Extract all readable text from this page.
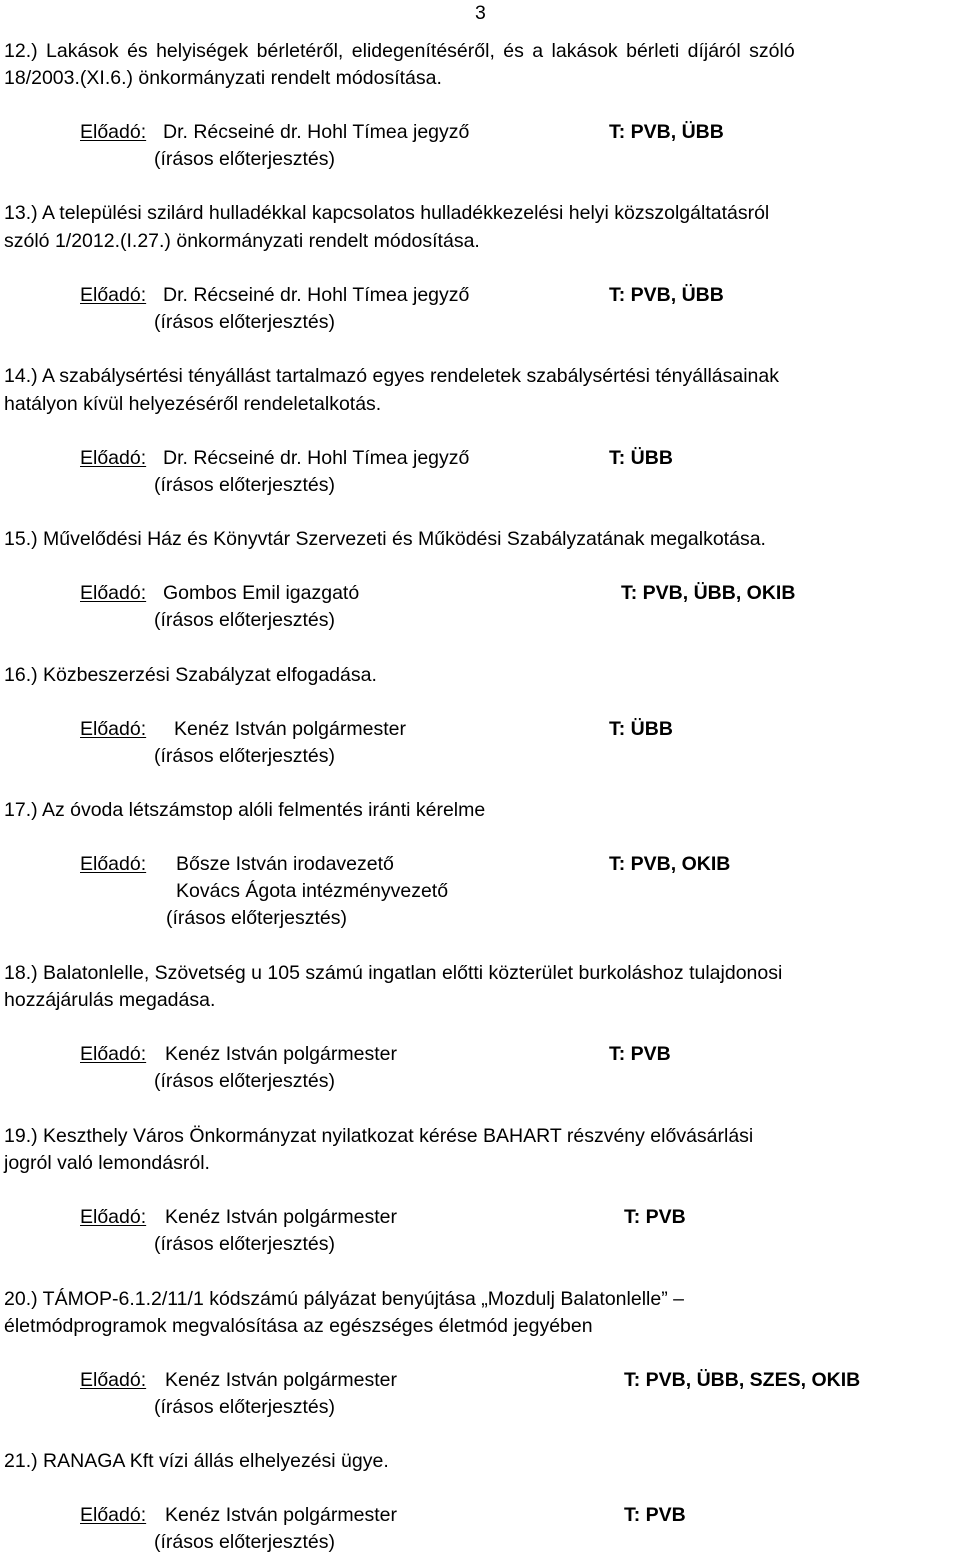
3
12.) Lakások és helyiségek bérletéről, elidegenítéséről, és a lakások bérleti díjáról szóló
18/2003.(XI.6.) önkormányzati rendelt módosítása.
Előadó: Dr. Récseiné dr. Hohl Tímea jegyző
(írásos előterjesztés)
T: PVB, ÜBB
13.) A települési szilárd hulladékkal kapcsolatos hulladékkezelési helyi közszolgáltatásról
szóló 1/2012.(I.27.) önkormányzati rendelt módosítása.
Előadó: Dr. Récseiné dr. Hohl Tímea jegyző
(írásos előterjesztés)
T: PVB, ÜBB
14.) A szabálysértési tényállást tartalmazó egyes rendeletek szabálysértési tényállásainak
hatályon kívül helyezéséről rendeletalkotás.
Előadó: Dr. Récseiné dr. Hohl Tímea jegyző
(írásos előterjesztés)
T: ÜBB
15.) Művelődési Ház és Könyvtár Szervezeti és Működési Szabályzatának megalkotása.
Előadó: Gombos Emil igazgató
(írásos előterjesztés)
T: PVB, ÜBB, OKIB
16.) Közbeszerzési Szabályzat elfogadása.
Előadó: Kenéz István polgármester
(írásos előterjesztés)
T: ÜBB
17.) Az óvoda létszámstop alóli felmentés iránti kérelme
Előadó: Bősze István irodavezető
Kovács Ágota intézményvezető
(írásos előterjesztés)
T: PVB, OKIB
18.) Balatonlelle, Szövetség u 105 számú ingatlan előtti közterület burkoláshoz tulajdonosi
hozzájárulás megadása.
Előadó: Kenéz István polgármester
(írásos előterjesztés)
T: PVB
19.) Keszthely Város Önkormányzat nyilatkozat kérése BAHART részvény elővásárlási
jogról való lemondásról.
Előadó: Kenéz István polgármester
(írásos előterjesztés)
T: PVB
20.) TÁMOP-6.1.2/11/1 kódszámú pályázat benyújtása „Mozdulj Balatonlelle” –
életmódprogramok megvalósítása az egészséges életmód jegyében
Előadó: Kenéz István polgármester
(írásos előterjesztés)
T: PVB, ÜBB, SZES, OKIB
21.) RANAGA Kft vízi állás elhelyezési ügye.
Előadó: Kenéz István polgármester
(írásos előterjesztés)
T: PVB
